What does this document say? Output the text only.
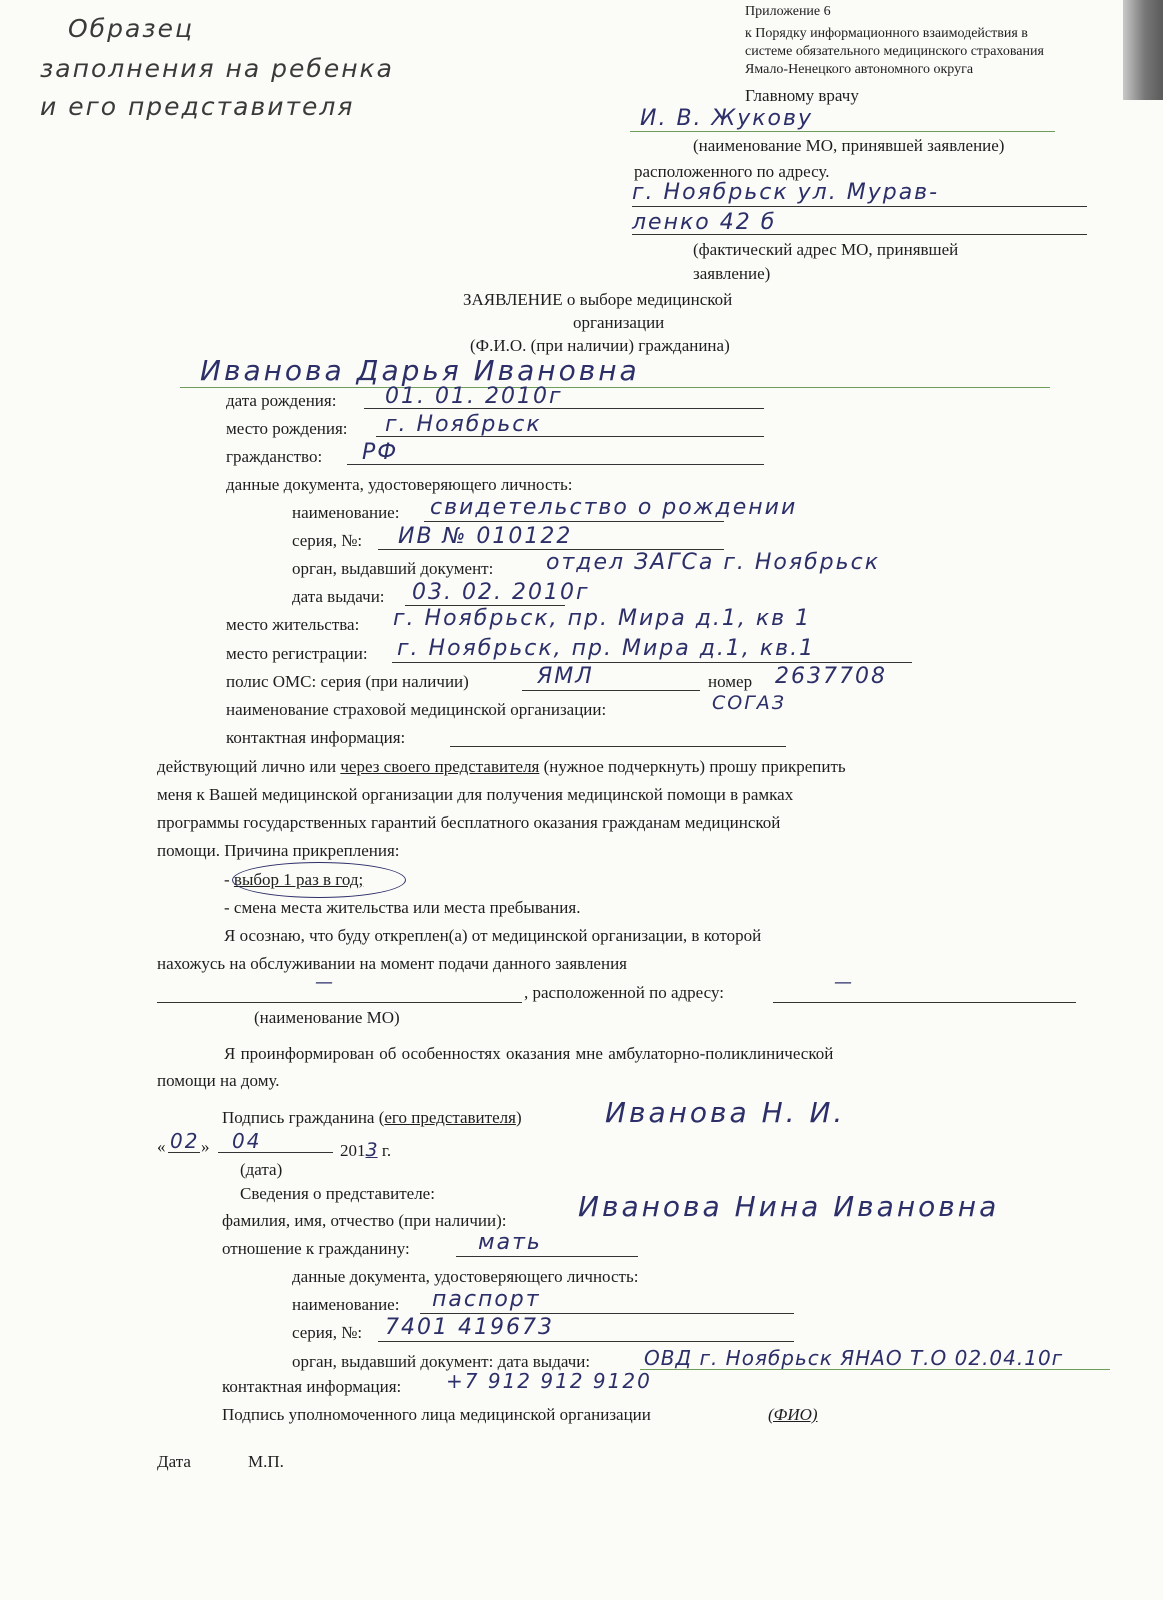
Образец
заполнения на ребенка
и его представителя
Приложение 6
к Порядку информационного взаимодействия в
системе обязательного медицинского страхования
Ямало-Ненецкого автономного округа
Главному врачу
И. В. Жукову
(наименование МО, принявшей заявление)
расположенного по адресу.
г. Ноябрьск ул. Мурав-
ленко 42 б
(фактический адрес МО, принявшей
заявление)
ЗАЯВЛЕНИЕ о выборе медицинской
организации
(Ф.И.О. (при наличии) гражданина)
Иванова Дарья Ивановна
дата рождения: 01. 01. 2010г
место рождения: г. Ноябрьск
гражданство: РФ
данные документа, удостоверяющего личность:
наименование: свидетельство о рождении
серия, №: ИВ № 010122
орган, выдавший документ: отдел ЗАГСа г. Ноябрьск
дата выдачи: 03. 02. 2010г
место жительства: г. Ноябрьск, пр. Мира д.1, кв 1
место регистрации: г. Ноябрьск, пр. Мира д.1, кв.1
полис ОМС: серия (при наличии)	ЯМЛ	номер 2637708
наименование страховой медицинской организации:	СОГАЗ
контактная информация:
действующий лично или через своего представителя (нужное подчеркнуть) прошу прикрепить
меня к Вашей медицинской организации для получения медицинской помощи в рамках
программы государственных гарантий бесплатного оказания гражданам медицинской
помощи. Причина прикрепления:
- выбор 1 раз в год;
- смена места жительства или места пребывания.
Я осознаю, что буду откреплен(а) от медицинской организации, в которой
нахожусь на обслуживании на момент подачи данного заявления
—	, расположенной по адресу:	—
(наименование МО)
Я проинформирован об особенностях оказания мне амбулаторно-поликлинической
помощи на дому.
Подпись гражданина (его представителя)	Иванова Н. И.
« 02 » 04	2013 г.
(дата)
Сведения о представителе:
фамилия, имя, отчество (при наличии):	Иванова Нина Ивановна
отношение к гражданину:	мать
данные документа, удостоверяющего личность:
наименование: паспорт
серия, №: 7401 419673
орган, выдавший документ: дата выдачи:	ОВД г. Ноябрьск ЯНАО Т.О 02.04.10г
контактная информация: +7 912 912 9120
Подпись уполномоченного лица медицинской организации	(ФИО)
Дата	М.П.
